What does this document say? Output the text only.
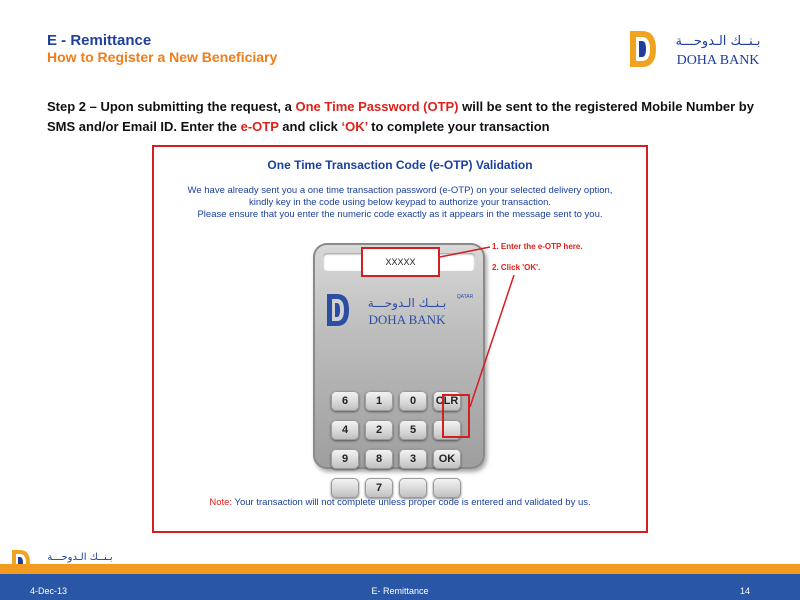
E - Remittance
How to Register a New Beneficiary
بـنــك الـدوحـــة
DOHA BANK
Step 2 – Upon submitting the request, a One Time Password (OTP) will be sent to the registered Mobile Number by SMS and/or Email ID. Enter the e-OTP and click ‘OK’ to complete your transaction
One Time Transaction Code (e-OTP) Validation
We have already sent you a one time transaction password (e-OTP) on your selected delivery option,
kindly key in the code using below keypad to authorize your transaction.
Please ensure that you enter the numeric code exactly as it appears in the message sent to you.
بـنــك الـدوحـــة QATAR
DOHA BANK
6	1	0	CLR
4	2	5
9	8	3	OK
7
XXXXX
1. Enter the e-OTP here.
2. Click 'OK'.
Note: Your transaction will not complete unless proper code is entered and validated by us.
بـنــك الـدوحـــة
4-Dec-13	E- Remittance	14
